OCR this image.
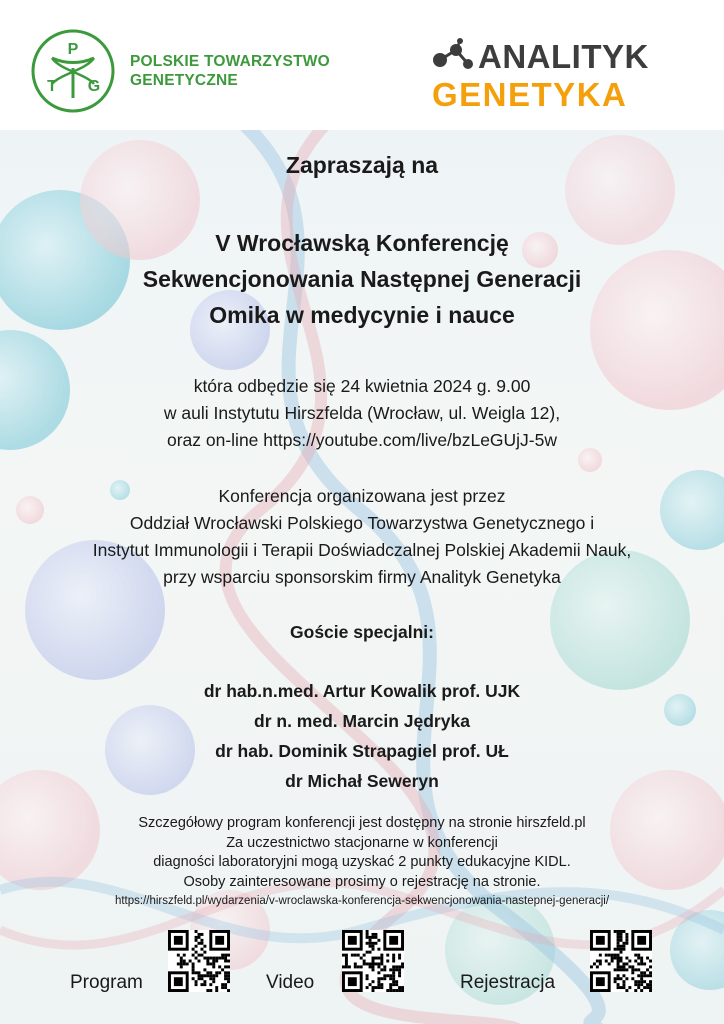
P
T G
POLSKIE TOWARZYSTWO
GENETYCZNE
ANALITYK
GENETYKA
Zapraszają na
V Wrocławską Konferencję
Sekwencjonowania Następnej Generacji
Omika w medycynie i nauce
która odbędzie się 24 kwietnia 2024 g. 9.00
w auli Instytutu Hirszfelda (Wrocław, ul. Weigla 12),
oraz on-line https://youtube.com/live/bzLeGUjJ-5w
Konferencja organizowana jest przez
Oddział Wrocławski Polskiego Towarzystwa Genetycznego i
Instytut Immunologii i Terapii Doświadczalnej Polskiej Akademii Nauk,
przy wsparciu sponsorskim firmy Analityk Genetyka
Goście specjalni:
dr hab.n.med. Artur Kowalik prof. UJK
dr n. med. Marcin Jędryka
dr hab. Dominik Strapagiel prof. UŁ
dr Michał Seweryn
Szczegółowy program konferencji jest dostępny na stronie hirszfeld.pl
Za uczestnictwo stacjonarne w konferencji
diagności laboratoryjni mogą uzyskać 2 punkty edukacyjne KIDL.
Osoby zainteresowane prosimy o rejestrację na stronie.
https://hirszfeld.pl/wydarzenia/v-wroclawska-konferencja-sekwencjonowania-nastepnej-generacji/
Program	Video	Rejestracja
